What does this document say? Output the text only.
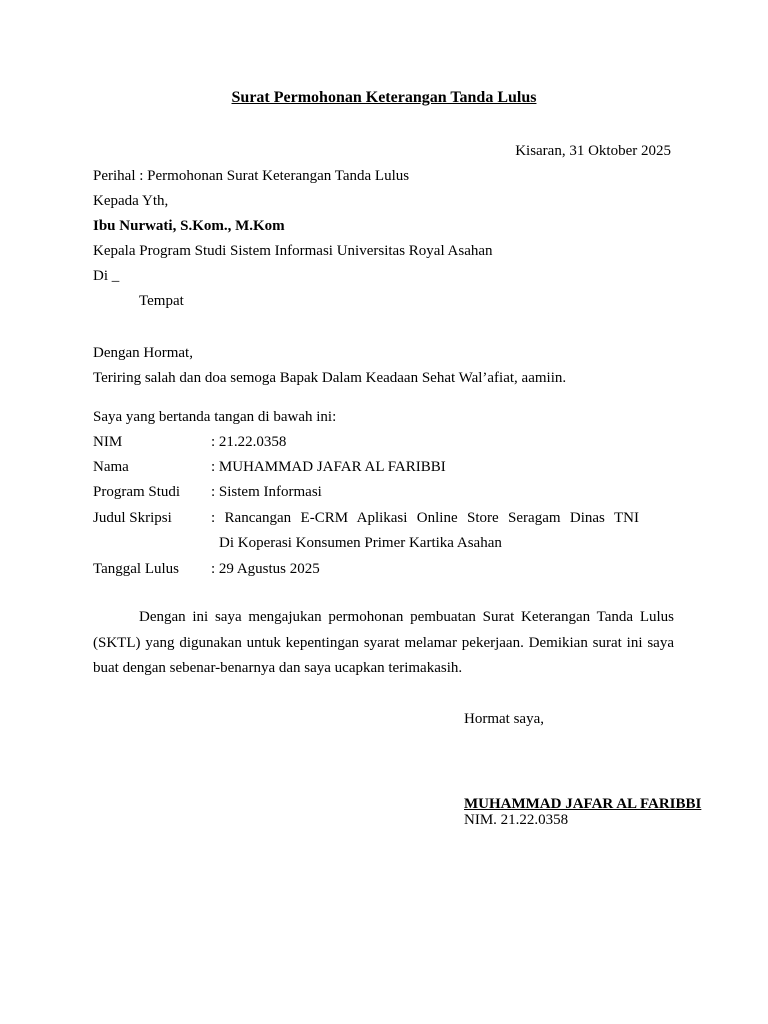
Surat Permohonan Keterangan Tanda Lulus
Kisaran, 31 Oktober 2025
Perihal : Permohonan Surat Keterangan Tanda Lulus
Kepada Yth,
Ibu Nurwati, S.Kom., M.Kom
Kepala Program Studi Sistem Informasi Universitas Royal Asahan
Di _
Tempat
Dengan Hormat,
Teriring salah dan doa semoga Bapak Dalam Keadaan Sehat Wal’afiat, aamiin.
Saya yang bertanda tangan di bawah ini:
NIM	: 21.22.0358
Nama	: MUHAMMAD JAFAR AL FARIBBI
Program Studi : Sistem Informasi
Judul Skripsi	: Rancangan E-CRM Aplikasi Online Store Seragam Dinas TNI
Di Koperasi Konsumen Primer Kartika Asahan
Tanggal Lulus : 29 Agustus 2025
Dengan ini saya mengajukan permohonan pembuatan Surat Keterangan Tanda Lulus (SKTL) yang digunakan untuk kepentingan syarat melamar pekerjaan. Demikian surat ini saya buat dengan sebenar-benarnya dan saya ucapkan terimakasih.
Hormat saya,
MUHAMMAD JAFAR AL FARIBBI
NIM. 21.22.0358
